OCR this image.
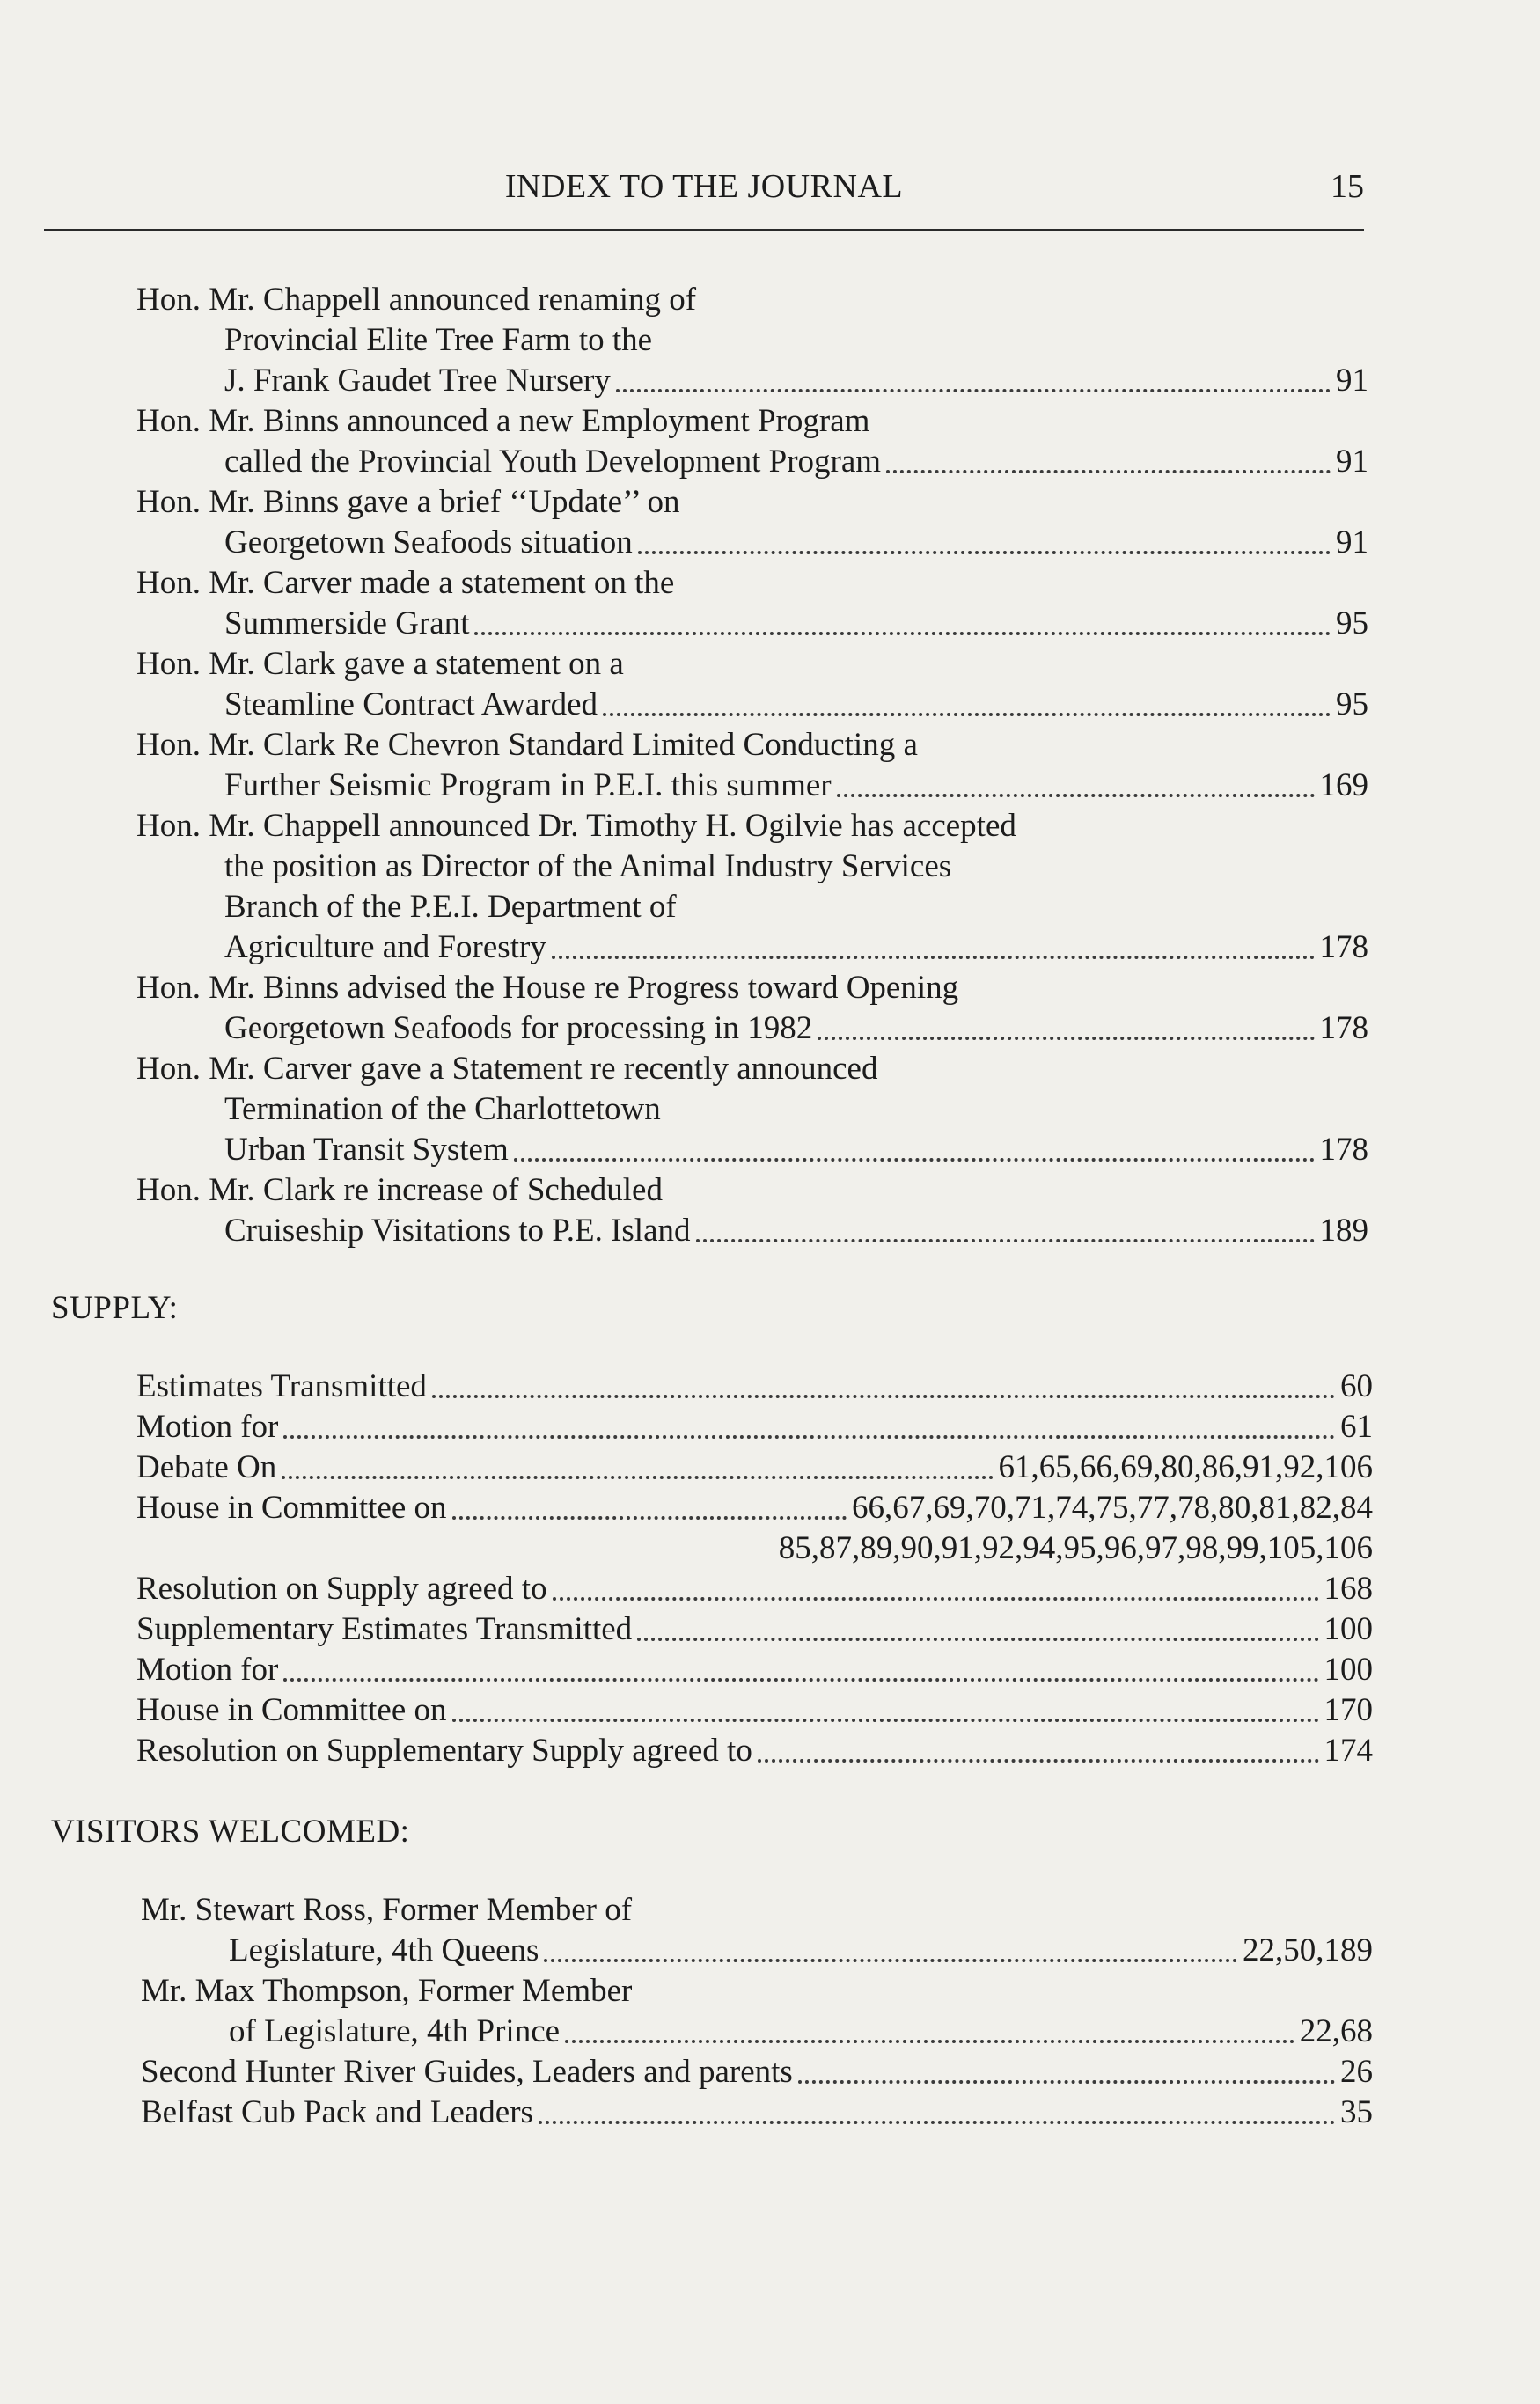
INDEX TO THE JOURNAL	15
Hon. Mr. Chappell announced renaming of
Provincial Elite Tree Farm to the
J. Frank Gaudet Tree Nursery	91
Hon. Mr. Binns announced a new Employment Program
called the Provincial Youth Development Program	91
Hon. Mr. Binns gave a brief ‘‘Update’’ on
Georgetown Seafoods situation	91
Hon. Mr. Carver made a statement on the
Summerside Grant	95
Hon. Mr. Clark gave a statement on a
Steamline Contract Awarded	95
Hon. Mr. Clark Re Chevron Standard Limited Conducting a
Further Seismic Program in P.E.I. this summer	169
Hon. Mr. Chappell announced Dr. Timothy H. Ogilvie has accepted
the position as Director of the Animal Industry Services
Branch of the P.E.I. Department of
Agriculture and Forestry	178
Hon. Mr. Binns advised the House re Progress toward Opening
Georgetown Seafoods for processing in 1982	178
Hon. Mr. Carver gave a Statement re recently announced
Termination of the Charlottetown
Urban Transit System	178
Hon. Mr. Clark re increase of Scheduled
Cruiseship Visitations to P.E. Island	189
SUPPLY:
Estimates Transmitted	60
Motion for	61
Debate On	61,65,66,69,80,86,91,92,106
House in Committee on	66,67,69,70,71,74,75,77,78,80,81,82,84
85,87,89,90,91,92,94,95,96,97,98,99,105,106
Resolution on Supply agreed to	168
Supplementary Estimates Transmitted	100
Motion for	100
House in Committee on	170
Resolution on Supplementary Supply agreed to	174
VISITORS WELCOMED:
Mr. Stewart Ross, Former Member of
Legislature, 4th Queens	22,50,189
Mr. Max Thompson, Former Member
of Legislature, 4th Prince	22,68
Second Hunter River Guides, Leaders and parents	26
Belfast Cub Pack and Leaders	35
